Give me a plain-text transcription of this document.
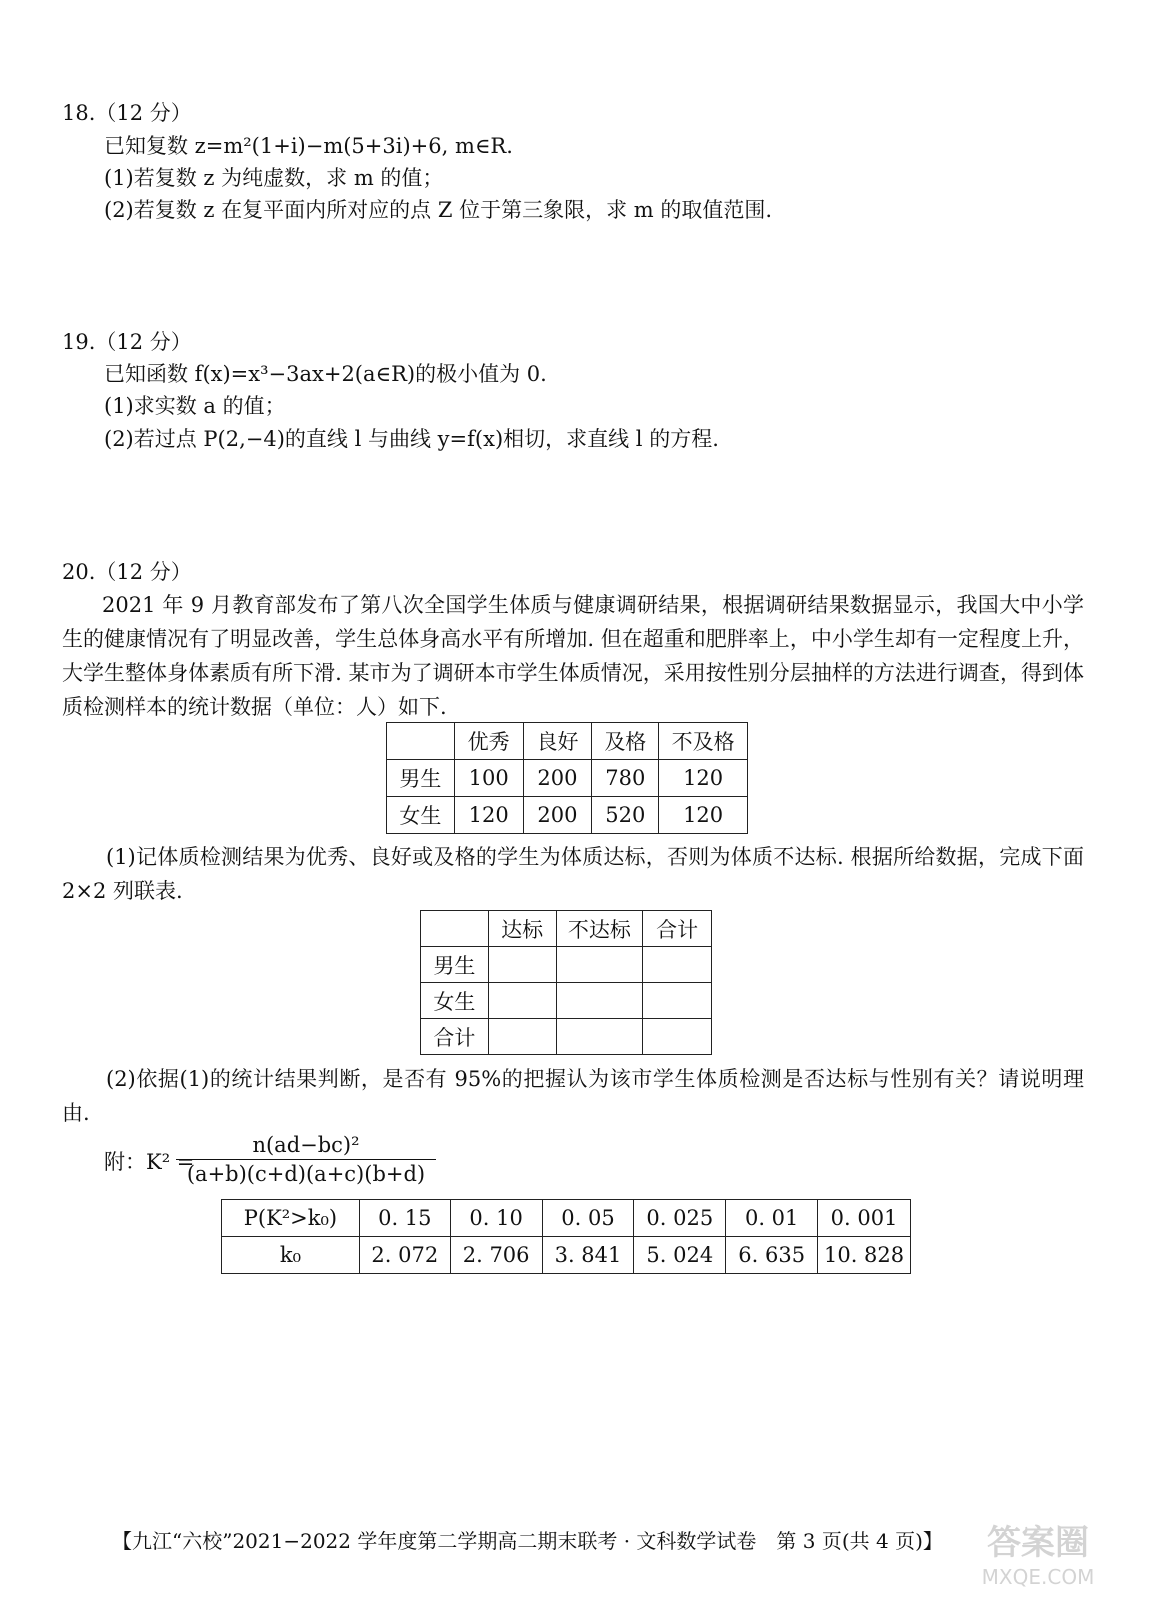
18.（12 分）
已知复数 z=m²(1+i)−m(5+3i)+6, m∈R.
(1)若复数 z 为纯虚数，求 m 的值；
(2)若复数 z 在复平面内所对应的点 Z 位于第三象限，求 m 的取值范围.
19.（12 分）
已知函数 f(x)=x³−3ax+2(a∈R)的极小值为 0.
(1)求实数 a 的值；
(2)若过点 P(2,−4)的直线 l 与曲线 y=f(x)相切，求直线 l 的方程.
20.（12 分）
2021 年 9 月教育部发布了第八次全国学生体质与健康调研结果，根据调研结果数据显示，我国大中小学生的健康情况有了明显改善，学生总体身高水平有所增加. 但在超重和肥胖率上，中小学生却有一定程度上升，大学生整体身体素质有所下滑. 某市为了调研本市学生体质情况，采用按性别分层抽样的方法进行调查，得到体质检测样本的统计数据（单位：人）如下.
	优秀	良好	及格	不及格
男生	100	200	780	120
女生	120	200	520	120
(1)记体质检测结果为优秀、良好或及格的学生为体质达标，否则为体质不达标. 根据所给数据，完成下面 2×2 列联表.
	达标	不达标	合计
男生			
女生			
合计			
(2)依据(1)的统计结果判断，是否有 95%的把握认为该市学生体质检测是否达标与性别有关？请说明理由.
附：K² =
n(ad−bc)²
(a+b)(c+d)(a+c)(b+d)
P(K²>k₀)	0. 15	0. 10	0. 05	0. 025	0. 01	0. 001
k₀	2. 072	2. 706	3. 841	5. 024	6. 635	10. 828
【九江“六校”2021−2022 学年度第二学期高二期末联考 · 文科数学试卷　第 3 页(共 4 页)】 答案圈
MXQE.COM
